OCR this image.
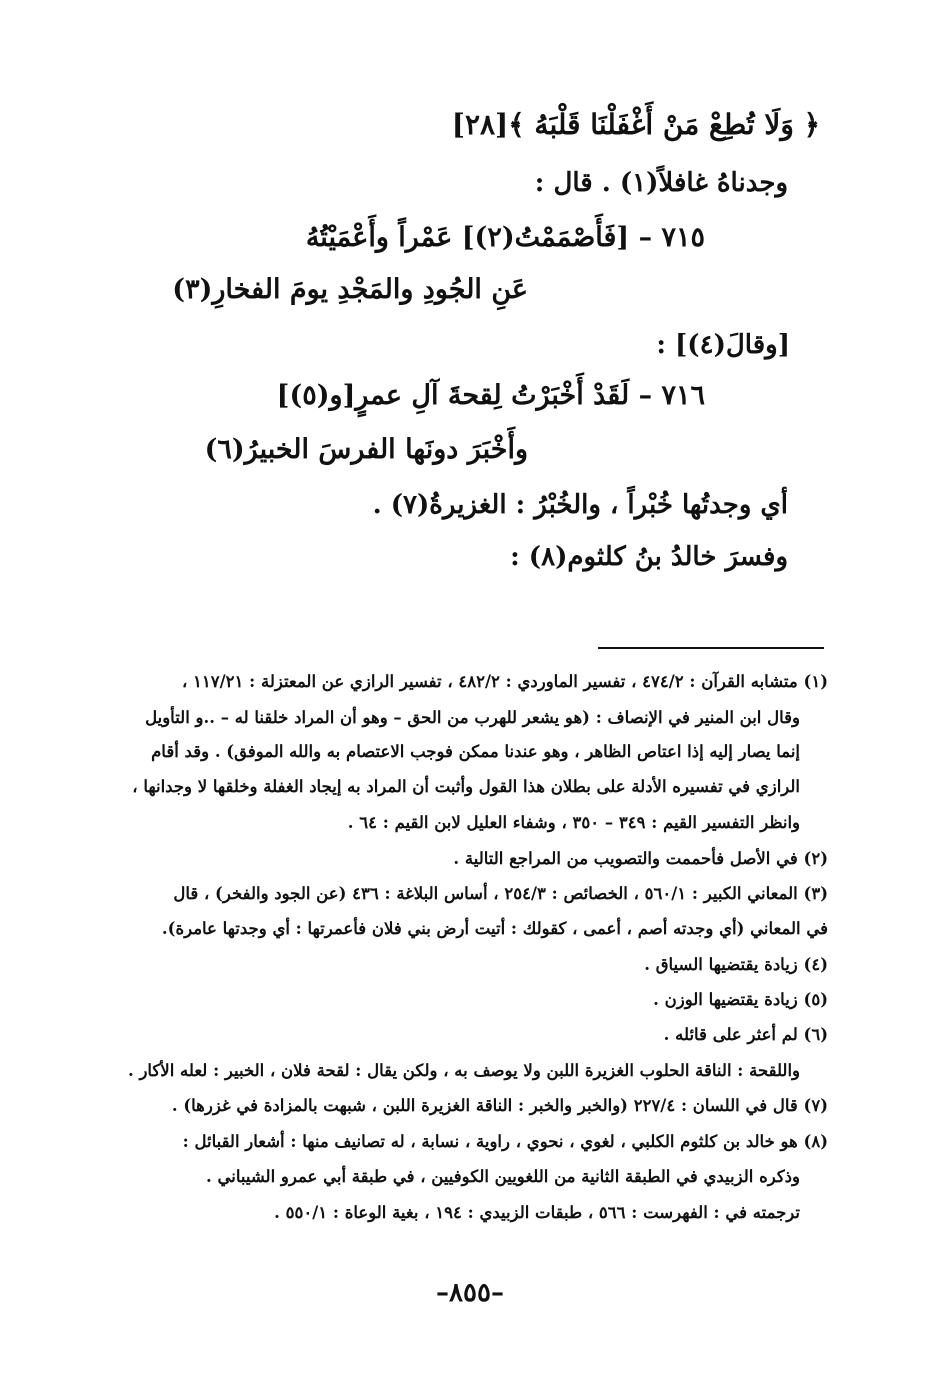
﴿ وَلَا تُطِعْ مَنْ أَغْفَلْنَا قَلْبَهُ ﴾[٢٨]
وجدناهُ غافلاً(١) . قال :
٧١٥ – [فَأَصْمَمْتُ(٢)] عَمْراً وأَعْمَيْتُهُ
عَنِ الجُودِ والمَجْدِ يومَ الفخارِ(٣)
[وقالَ(٤)] :
٧١٦ – لَقَدْ أَخْبَرْتُ لِقحةَ آلِ عمرٍ[و(٥)]
وأَخْبَرَ دونَها الفرسَ الخبيرُ(٦)
أي وجدتُها خُبْراً ، والخُبْرُ : الغزيرةُ(٧) .
وفسرَ خالدُ بنُ كلثوم(٨) :
(١) متشابه القرآن : ٤٧٤/٢ ، تفسير الماوردي : ٤٨٢/٢ ، تفسير الرازي عن المعتزلة : ١١٧/٢١ ،
وقال ابن المنير في الإنصاف : (هو يشعر للهرب من الحق – وهو أن المراد خلقنا له – ..و التأويل
إنما يصار إليه إذا اعتاص الظاهر ، وهو عندنا ممكن فوجب الاعتصام به والله الموفق) . وقد أقام
الرازي في تفسيره الأدلة على بطلان هذا القول وأثبت أن المراد به إيجاد الغفلة وخلقها لا وجدانها ،
وانظر التفسير القيم : ٣٤٩ – ٣٥٠ ، وشفاء العليل لابن القيم : ٦٤ .
(٢) في الأصل فأحممت والتصويب من المراجع التالية .
(٣) المعاني الكبير : ٥٦٠/١ ، الخصائص : ٢٥٤/٣ ، أساس البلاغة : ٤٣٦ (عن الجود والفخر) ، قال
في المعاني (أي وجدته أصم ، أعمى ، كقولك : أتيت أرض بني فلان فأعمرتها : أي وجدتها عامرة).
(٤) زيادة يقتضيها السياق .
(٥) زيادة يقتضيها الوزن .
(٦) لم أعثر على قائله .
واللقحة : الناقة الحلوب الغزيرة اللبن ولا يوصف به ، ولكن يقال : لقحة فلان ، الخبير : لعله الأكار .
(٧) قال في اللسان : ٢٢٧/٤ (والخبر والخبر : الناقة الغزيرة اللبن ، شبهت بالمزادة في غزرها) .
(٨) هو خالد بن كلثوم الكلبي ، لغوي ، نحوي ، راوية ، نسابة ، له تصانيف منها : أشعار القبائل :
وذكره الزبيدي في الطبقة الثانية من اللغويين الكوفيين ، في طبقة أبي عمرو الشيباني .
ترجمته في : الفهرست : ٥٦٦ ، طبقات الزبيدي : ١٩٤ ، بغية الوعاة : ٥٥٠/١ .
–٨٥٥–
